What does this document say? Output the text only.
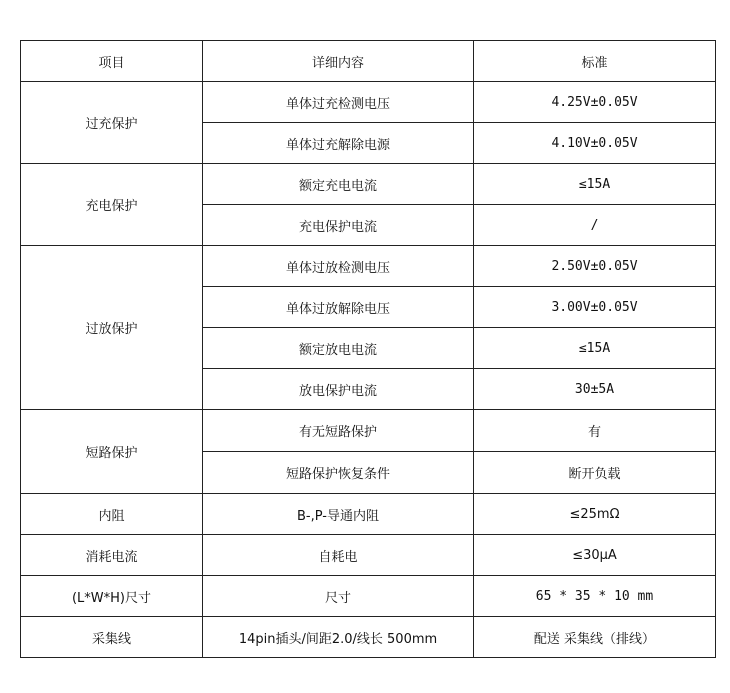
项目	详细内容	标准
过充保护	单体过充检测电压	4.25V±0.05V
	单体过充解除电源	4.10V±0.05V
充电保护	额定充电电流	≤15A
	充电保护电流	/
过放保护	单体过放检测电压	2.50V±0.05V
	单体过放解除电压	3.00V±0.05V
	额定放电电流	≤15A
	放电保护电流	30±5A
短路保护	有无短路保护	有
	短路保护恢复条件	断开负载
内阻	B-,P-导通内阻	≤25mΩ
消耗电流	自耗电	≤30μA
(L*W*H)尺寸	尺寸	65 * 35 * 10 mm
采集线	14pin插头/间距2.0/线长 500mm	配送 采集线（排线）
